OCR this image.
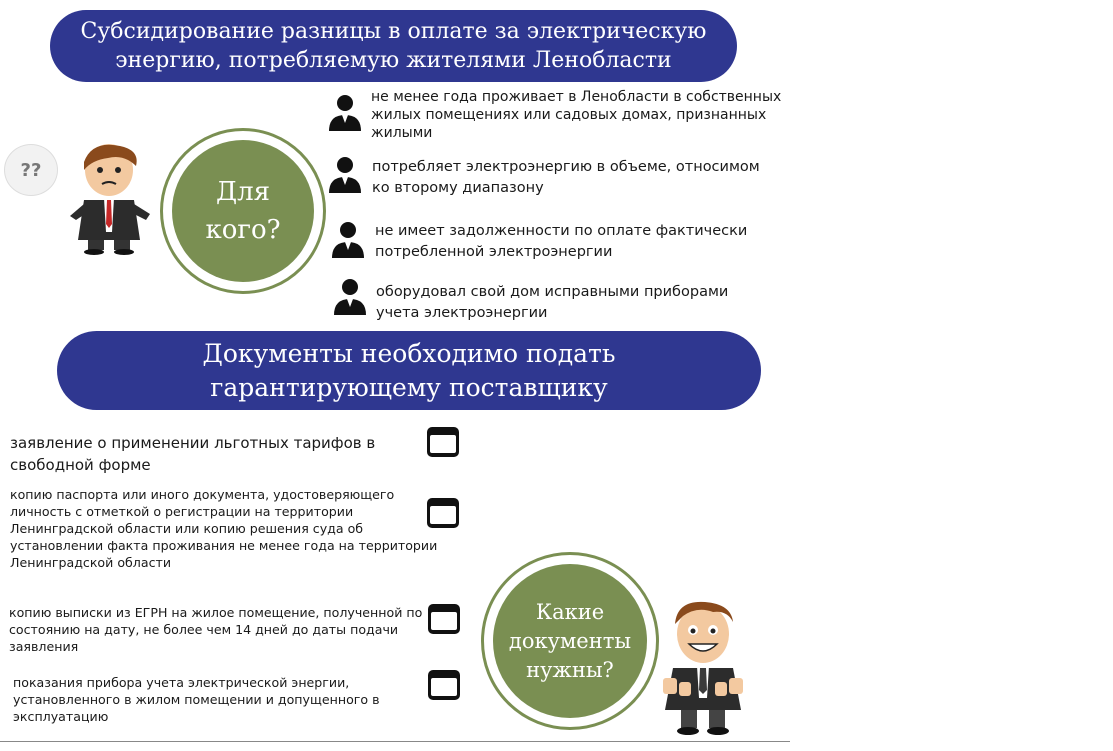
Субсидирование разницы в оплате за электрическую
энергию, потребляемую жителями Ленобласти
??
Для
кого?
не менее года проживает в Ленобласти в собственных
жилых помещениях или садовых домах, признанных
жилыми
потребляет электроэнергию в объеме, относимом
ко второму диапазону
не имеет задолженности по оплате фактически
потребленной электроэнергии
оборудовал свой дом исправными приборами
учета электроэнергии
Документы необходимо подать
гарантирующему поставщику
заявление о применении льготных тарифов в
свободной форме
копию паспорта или иного документа, удостоверяющего
личность с отметкой о регистрации на территории
Ленинградской области или копию решения суда об
установлении факта проживания не менее года на территории
Ленинградской области
копию выписки из ЕГРН на жилое помещение, полученной по
состоянию на дату, не более чем 14 дней до даты подачи
заявления
показания прибора учета электрической энергии,
установленного в жилом помещении и допущенного в
эксплуатацию
Какие
документы
нужны?
